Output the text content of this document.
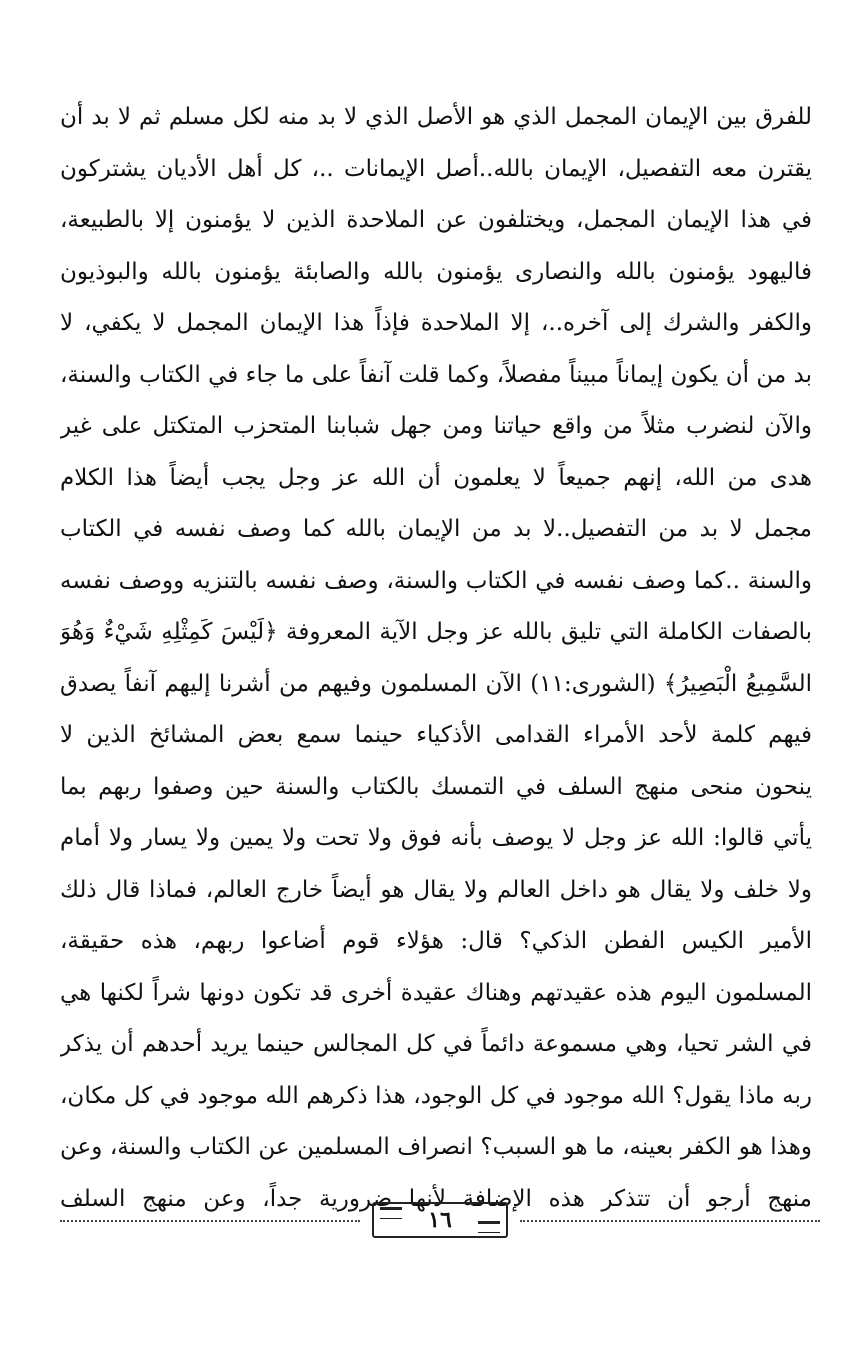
للفرق بين الإيمان المجمل الذي هو الأصل الذي لا بد منه لكل مسلم ثم لا بد أن
يقترن معه التفصيل، الإيمان بالله..أصل الإيمانات ..، كل أهل الأديان يشتركون
في هذا الإيمان المجمل، ويختلفون عن الملاحدة الذين لا يؤمنون إلا بالطبيعة،
فاليهود يؤمنون بالله والنصارى يؤمنون بالله والصابئة يؤمنون بالله والبوذيون
والكفر والشرك إلى آخره..، إلا الملاحدة فإذاً هذا الإيمان المجمل لا يكفي، لا
بد من أن يكون إيماناً مبيناً مفصلاً، وكما قلت آنفاً على ما جاء في الكتاب والسنة،
والآن لنضرب مثلاً من واقع حياتنا ومن جهل شبابنا المتحزب المتكتل على غير
هدى من الله، إنهم جميعاً لا يعلمون أن الله عز وجل يجب أيضاً هذا الكلام
مجمل لا بد من التفصيل..لا بد من الإيمان بالله كما وصف نفسه في الكتاب
والسنة ..كما وصف نفسه في الكتاب والسنة، وصف نفسه بالتنزيه ووصف نفسه
بالصفات الكاملة التي تليق بالله عز وجل الآية المعروفة ﴿لَيْسَ كَمِثْلِهِ شَيْءٌ وَهُوَ
السَّمِيعُ الْبَصِيرُ﴾ (الشورى:١١) الآن المسلمون وفيهم من أشرنا إليهم آنفاً يصدق
فيهم كلمة لأحد الأمراء القدامى الأذكياء حينما سمع بعض المشائخ الذين لا
ينحون منحى منهج السلف في التمسك بالكتاب والسنة حين وصفوا ربهم بما
يأتي قالوا: الله عز وجل لا يوصف بأنه فوق ولا تحت ولا يمين ولا يسار ولا أمام
ولا خلف ولا يقال هو داخل العالم ولا يقال هو أيضاً خارج العالم، فماذا قال ذلك
الأمير الكيس الفطن الذكي؟ قال: هؤلاء قوم أضاعوا ربهم، هذه حقيقة،
المسلمون اليوم هذه عقيدتهم وهناك عقيدة أخرى قد تكون دونها شراً لكنها هي
في الشر تحيا، وهي مسموعة دائماً في كل المجالس حينما يريد أحدهم أن يذكر
ربه ماذا يقول؟ الله موجود في كل الوجود، هذا ذكرهم الله موجود في كل مكان،
وهذا هو الكفر بعينه، ما هو السبب؟ انصراف المسلمين عن الكتاب والسنة، وعن
منهج أرجو أن تتذكر هذه الإضافة لأنها ضرورية جداً، وعن منهج السلف
١٦
